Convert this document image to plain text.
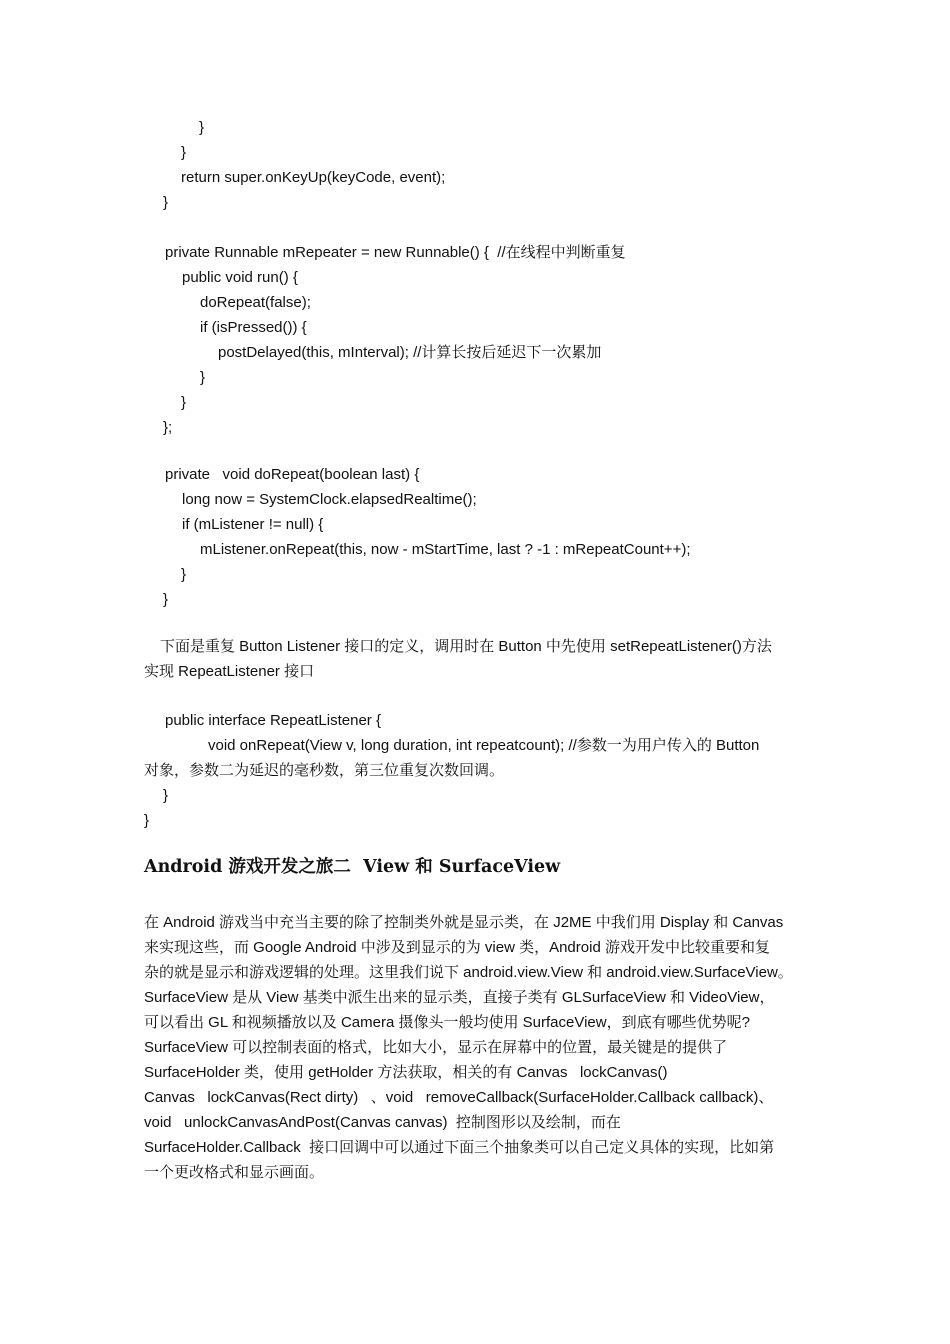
}
}
return super.onKeyUp(keyCode, event);
}
private Runnable mRepeater = new Runnable() {  //在线程中判断重复
public void run() {
doRepeat(false);
if (isPressed()) {
postDelayed(this, mInterval); //计算长按后延迟下一次累加
}
}
};
private   void doRepeat(boolean last) {
long now = SystemClock.elapsedRealtime();
if (mListener != null) {
mListener.onRepeat(this, now - mStartTime, last ? -1 : mRepeatCount++);
}
}
下面是重复 Button Listener 接口的定义，调用时在 Button 中先使用 setRepeatListener()方法
实现 RepeatListener 接口
public interface RepeatListener {
void onRepeat(View v, long duration, int repeatcount); //参数一为用户传入的 Button
对象，参数二为延迟的毫秒数，第三位重复次数回调。
}
}
Android 游戏开发之旅二  View 和 SurfaceView
在 Android 游戏当中充当主要的除了控制类外就是显示类，在 J2ME 中我们用 Display 和 Canvas
来实现这些，而 Google Android 中涉及到显示的为 view 类，Android 游戏开发中比较重要和复
杂的就是显示和游戏逻辑的处理。这里我们说下 android.view.View 和 android.view.SurfaceView。
SurfaceView 是从 View 基类中派生出来的显示类，直接子类有 GLSurfaceView 和 VideoView，
可以看出 GL 和视频播放以及 Camera 摄像头一般均使用 SurfaceView，到底有哪些优势呢?
SurfaceView 可以控制表面的格式，比如大小，显示在屏幕中的位置，最关键是的提供了
SurfaceHolder 类，使用 getHolder 方法获取，相关的有 Canvas   lockCanvas()
Canvas   lockCanvas(Rect dirty)   、void   removeCallback(SurfaceHolder.Callback callback)、
void   unlockCanvasAndPost(Canvas canvas)  控制图形以及绘制，而在
SurfaceHolder.Callback  接口回调中可以通过下面三个抽象类可以自己定义具体的实现，比如第
一个更改格式和显示画面。
